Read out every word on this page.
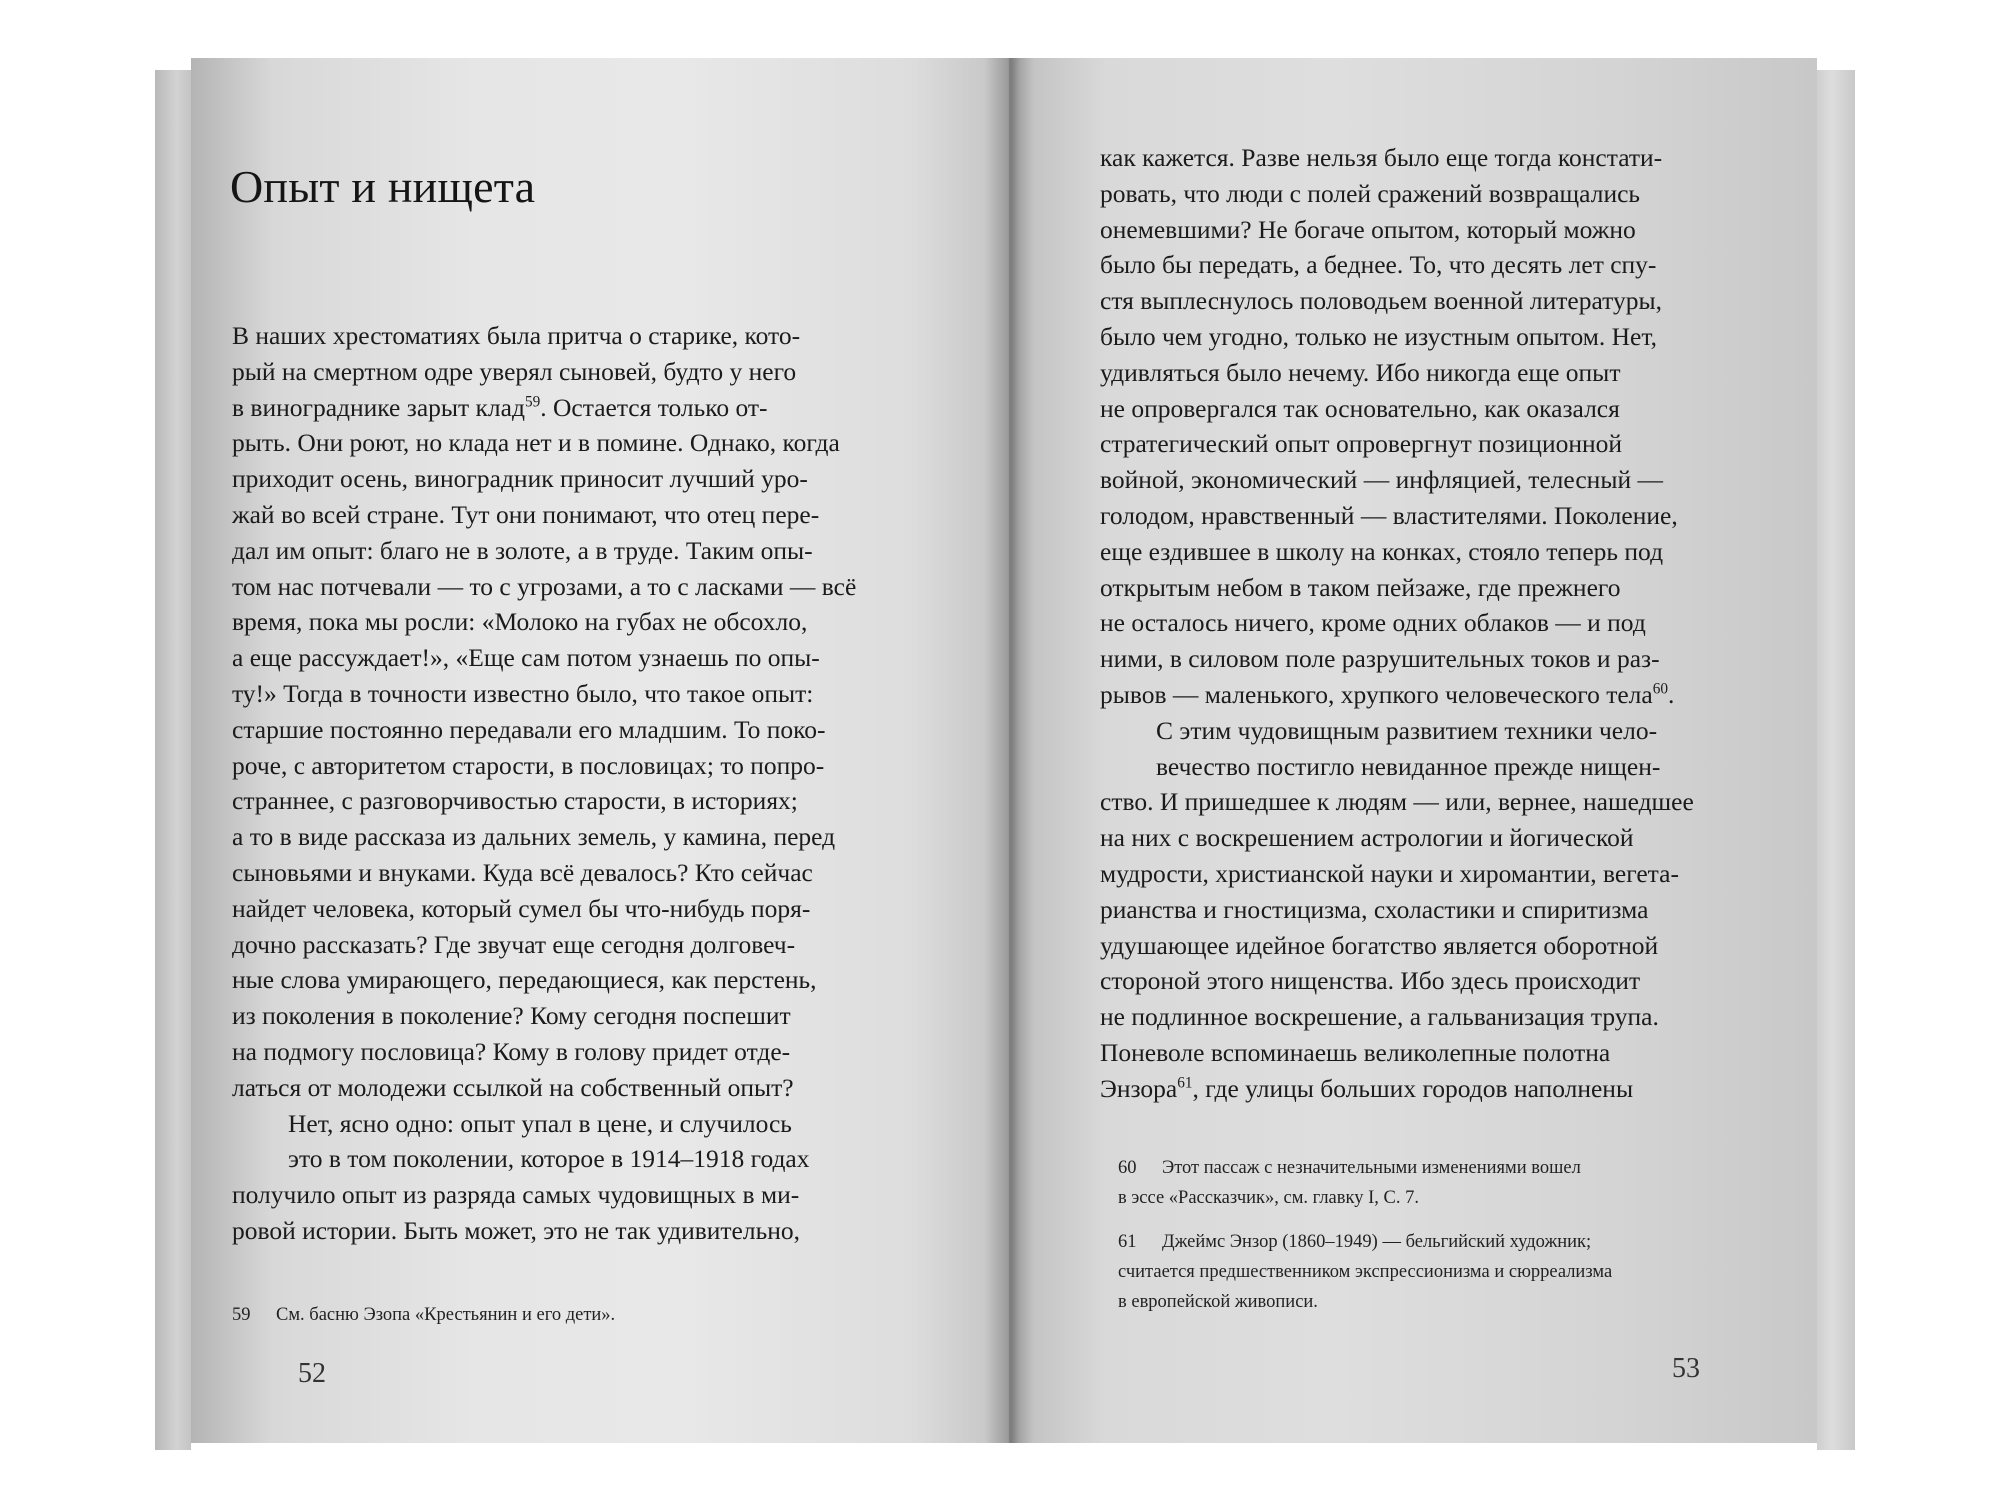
Опыт и нищета
В наших хрестоматиях была притча о старике, кото-
рый на смертном одре уверял сыновей, будто у него
в винограднике зарыт клад$^{59}$. Остается только от-
рыть. Они роют, но клада нет и в помине. Однако, когда
приходит осень, виноградник приносит лучший уро-
жай во всей стране. Тут они понимают, что отец пере-
дал им опыт: благо не в золоте, а в труде. Таким опы-
том нас потчевали — то с угрозами, а то с ласками — всё
время, пока мы росли: «Молоко на губах не обсохло,
а еще рассуждает!», «Еще сам потом узнаешь по опы-
ту!» Тогда в точности известно было, что такое опыт:
старшие постоянно передавали его младшим. То поко-
роче, с авторитетом старости, в пословицах; то попро-
страннее, с разговорчивостью старости, в историях;
а то в виде рассказа из дальних земель, у камина, перед
сыновьями и внуками. Куда всё девалось? Кто сейчас
найдет человека, который сумел бы что-нибудь поря-
дочно рассказать? Где звучат еще сегодня долговеч-
ные слова умирающего, передающиеся, как перстень,
из поколения в поколение? Кому сегодня поспешит
на подмогу пословица? Кому в голову придет отде-
латься от молодежи ссылкой на собственный опыт?
Нет, ясно одно: опыт упал в цене, и случилось
это в том поколении, которое в 1914–1918 годах
получило опыт из разряда самых чудовищных в ми-
ровой истории. Быть может, это не так удивительно,
59 См. басню Эзопа «Крестьянин и его дети».
52
как кажется. Разве нельзя было еще тогда констати-
ровать, что люди с полей сражений возвращались
онемевшими? Не богаче опытом, который можно
было бы передать, а беднее. То, что десять лет спу-
стя выплеснулось половодьем военной литературы,
было чем угодно, только не изустным опытом. Нет,
удивляться было нечему. Ибо никогда еще опыт
не опровергался так основательно, как оказался
стратегический опыт опровергнут позиционной
войной, экономический — инфляцией, телесный —
голодом, нравственный — властителями. Поколение,
еще ездившее в школу на конках, стояло теперь под
открытым небом в таком пейзаже, где прежнего
не осталось ничего, кроме одних облаков — и под
ними, в силовом поле разрушительных токов и раз-
рывов — маленького, хрупкого человеческого тела$^{60}$.
С этим чудовищным развитием техники чело-
вечество постигло невиданное прежде нищен-
ство. И пришедшее к людям — или, вернее, нашедшее
на них с воскрешением астрологии и йогической
мудрости, христианской науки и хиромантии, вегета-
рианства и гностицизма, схоластики и спиритизма
удушающее идейное богатство является оборотной
стороной этого нищенства. Ибо здесь происходит
не подлинное воскрешение, а гальванизация трупа.
Поневоле вспоминаешь великолепные полотна
Энзора$^{61}$, где улицы больших городов наполнены
60 Этот пассаж с незначительными изменениями вошел
в эссе «Рассказчик», см. главку I, С. 7.
61 Джеймс Энзор (1860–1949) — бельгийский художник;
считается предшественником экспрессионизма и сюрреализма
в европейской живописи.
53
